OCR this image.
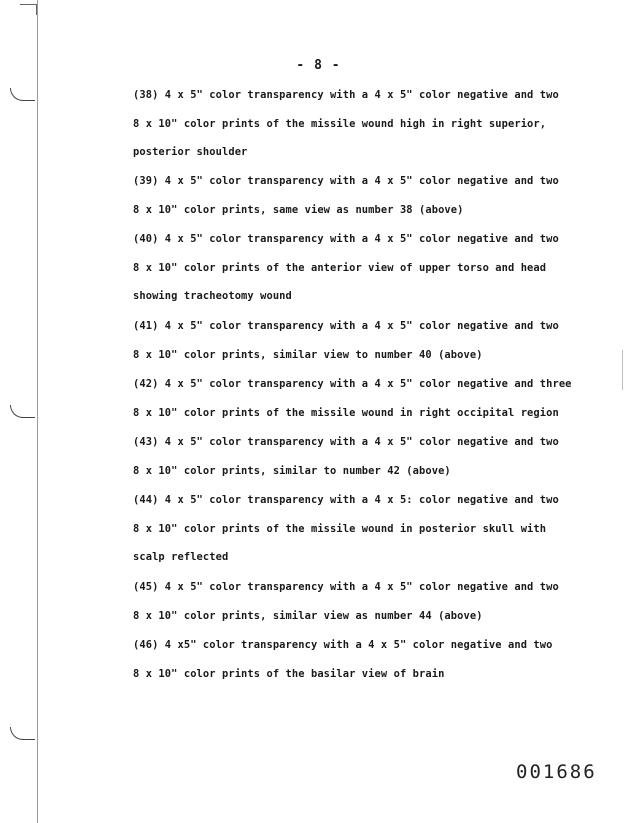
- 8 -
(38) 4 x 5" color transparency with a 4 x 5" color negative and two
8 x 10" color prints of the missile wound high in right superior,
posterior shoulder
(39) 4 x 5" color transparency with a 4 x 5" color negative and two
8 x 10" color prints, same view as number 38 (above)
(40) 4 x 5" color transparency with a 4 x 5" color negative and two
8 x 10" color prints of the anterior view of upper torso and head
showing tracheotomy wound
(41) 4 x 5" color transparency with a 4 x 5" color negative and two
8 x 10" color prints, similar view to number 40 (above)
(42) 4 x 5" color transparency with a 4 x 5" color negative and three
8 x 10" color prints of the missile wound in right occipital region
(43) 4 x 5" color transparency with a 4 x 5" color negative and two
8 x 10" color prints, similar to number 42 (above)
(44) 4 x 5" color transparency with a 4 x 5: color negative and two
8 x 10" color prints of the missile wound in posterior skull with
scalp reflected
(45) 4 x 5" color transparency with a 4 x 5" color negative and two
8 x 10" color prints, similar view as number 44 (above)
(46) 4 x5" color transparency with a 4 x 5" color negative and two
8 x 10" color prints of the basilar view of brain
001686
